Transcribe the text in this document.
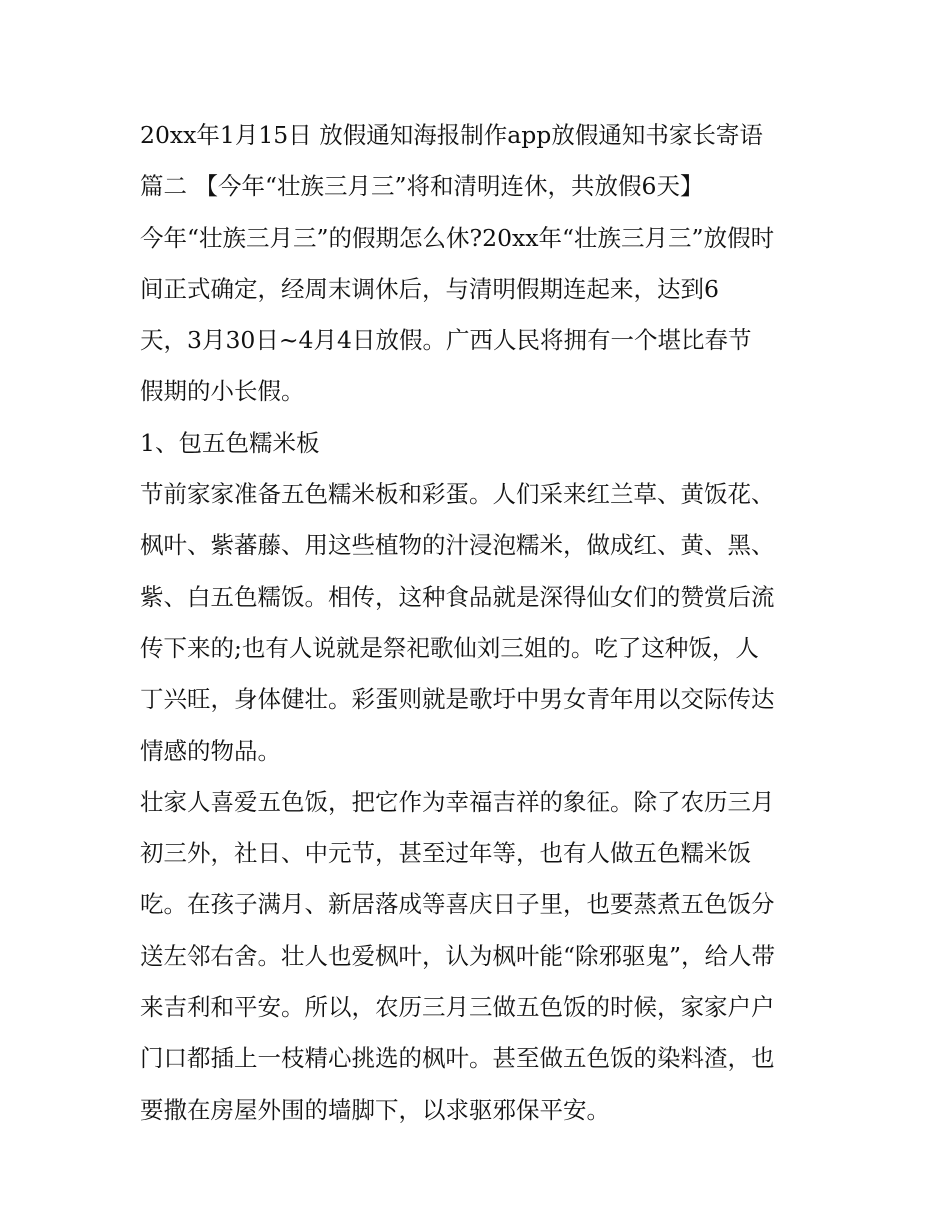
20xx年1月15日 放假通知海报制作app放假通知书家长寄语

篇二 【今年“壮族三月三”将和清明连休，共放假6天】

今年“壮族三月三”的假期怎么休?20xx年“壮族三月三”放假时

间正式确定，经周末调休后，与清明假期连起来，达到6

天，3月30日~4月4日放假。广西人民将拥有一个堪比春节

假期的小长假。

1、包五色糯米板

节前家家准备五色糯米板和彩蛋。人们采来红兰草、黄饭花、

枫叶、紫蕃藤、用这些植物的汁浸泡糯米，做成红、黄、黑、

紫、白五色糯饭。相传，这种食品就是深得仙女们的赞赏后流

传下来的;也有人说就是祭祀歌仙刘三姐的。吃了这种饭，人

丁兴旺，身体健壮。彩蛋则就是歌圩中男女青年用以交际传达

情感的物品。

壮家人喜爱五色饭，把它作为幸福吉祥的象征。除了农历三月

初三外，社日、中元节，甚至过年等，也有人做五色糯米饭

吃。在孩子满月、新居落成等喜庆日子里，也要蒸煮五色饭分

送左邻右舍。壮人也爱枫叶，认为枫叶能“除邪驱鬼”，给人带

来吉利和平安。所以，农历三月三做五色饭的时候，家家户户

门口都插上一枝精心挑选的枫叶。甚至做五色饭的染料渣，也

要撒在房屋外围的墙脚下，以求驱邪保平安。
